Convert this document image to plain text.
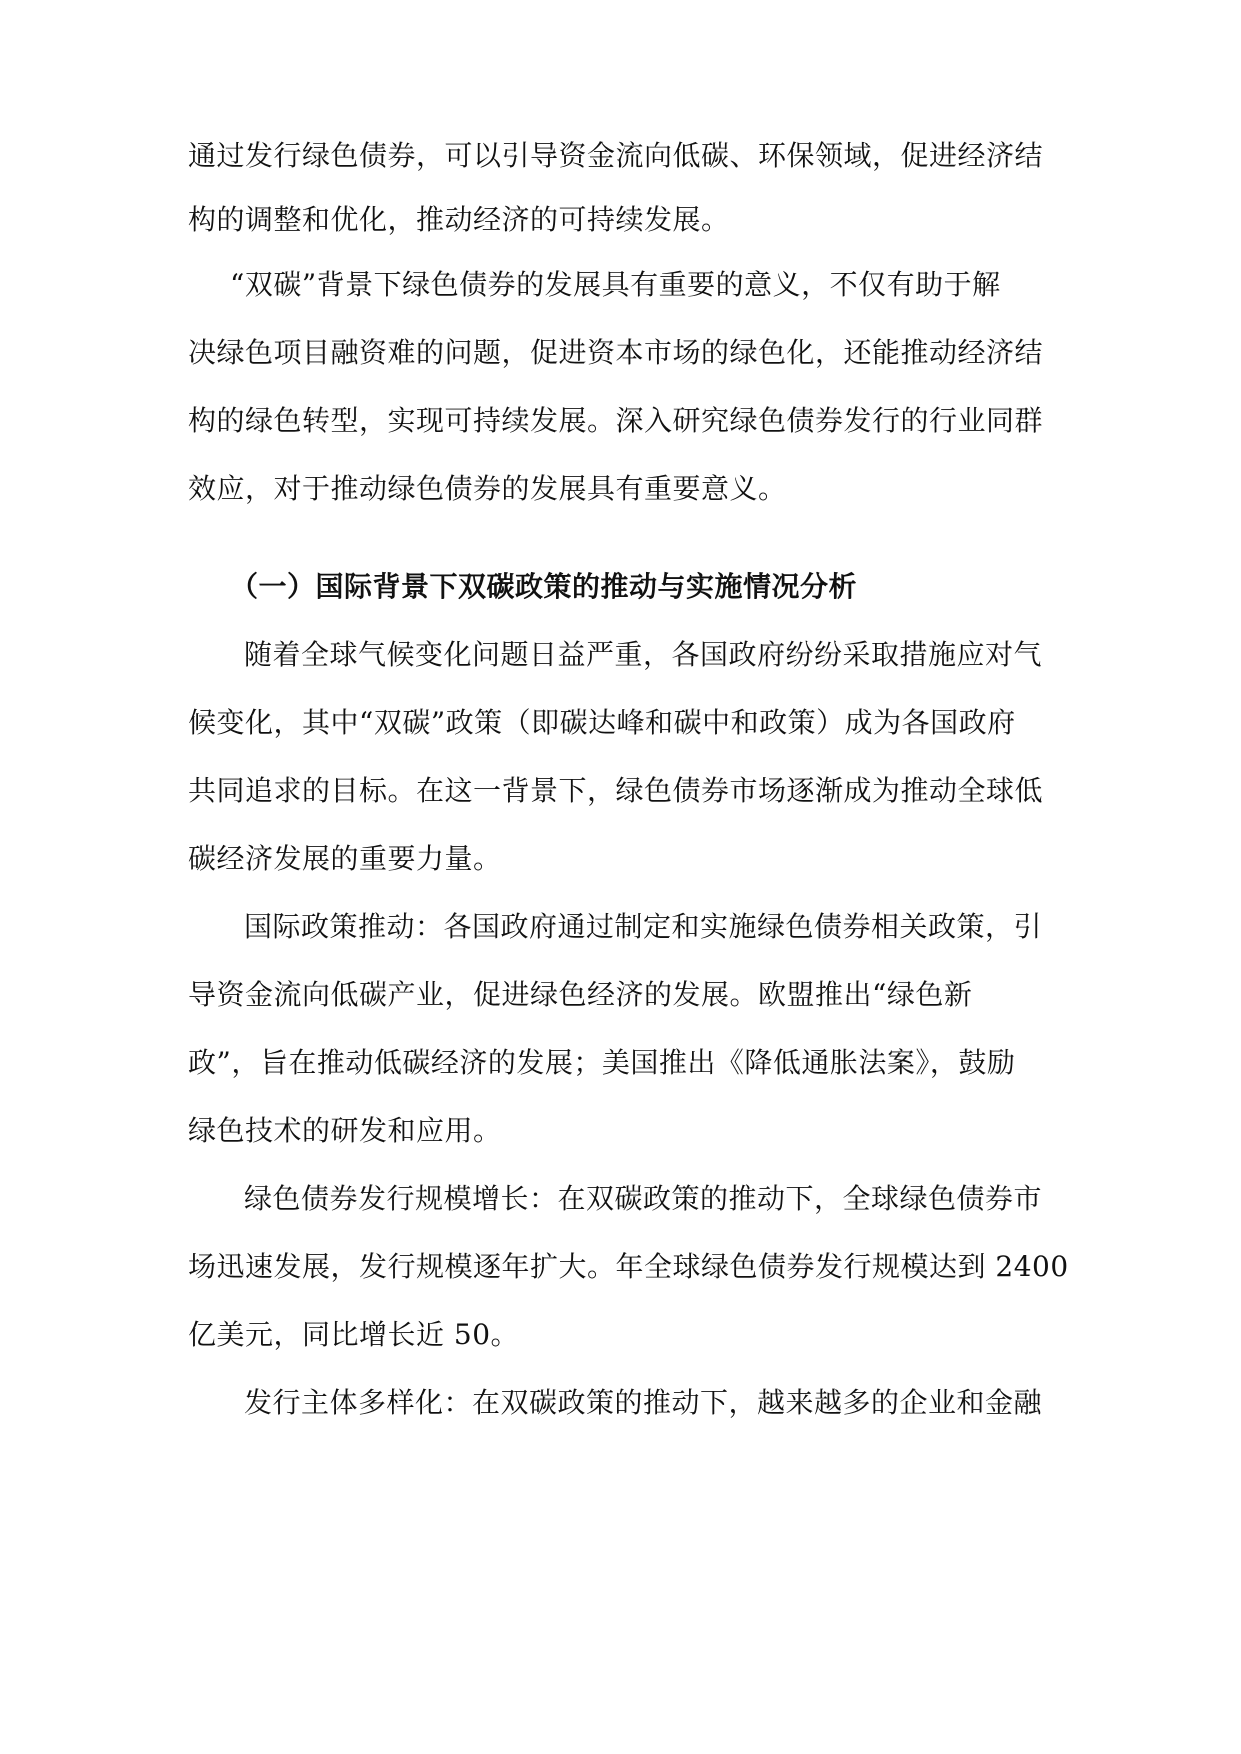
通过发行绿色债券，可以引导资金流向低碳、环保领域，促进经济结
构的调整和优化，推动经济的可持续发展。
“双碳”背景下绿色债券的发展具有重要的意义，不仅有助于解
决绿色项目融资难的问题，促进资本市场的绿色化，还能推动经济结
构的绿色转型，实现可持续发展。深入研究绿色债券发行的行业同群
效应，对于推动绿色债券的发展具有重要意义。
（一）国际背景下双碳政策的推动与实施情况分析
随着全球气候变化问题日益严重，各国政府纷纷采取措施应对气
候变化，其中“双碳”政策（即碳达峰和碳中和政策）成为各国政府
共同追求的目标。在这一背景下，绿色债券市场逐渐成为推动全球低
碳经济发展的重要力量。
国际政策推动：各国政府通过制定和实施绿色债券相关政策，引
导资金流向低碳产业，促进绿色经济的发展。欧盟推出“绿色新
政”，旨在推动低碳经济的发展；美国推出《降低通胀法案》，鼓励
绿色技术的研发和应用。
绿色债券发行规模增长：在双碳政策的推动下，全球绿色债券市
场迅速发展，发行规模逐年扩大。年全球绿色债券发行规模达到 2400
亿美元，同比增长近 50。
发行主体多样化：在双碳政策的推动下，越来越多的企业和金融
